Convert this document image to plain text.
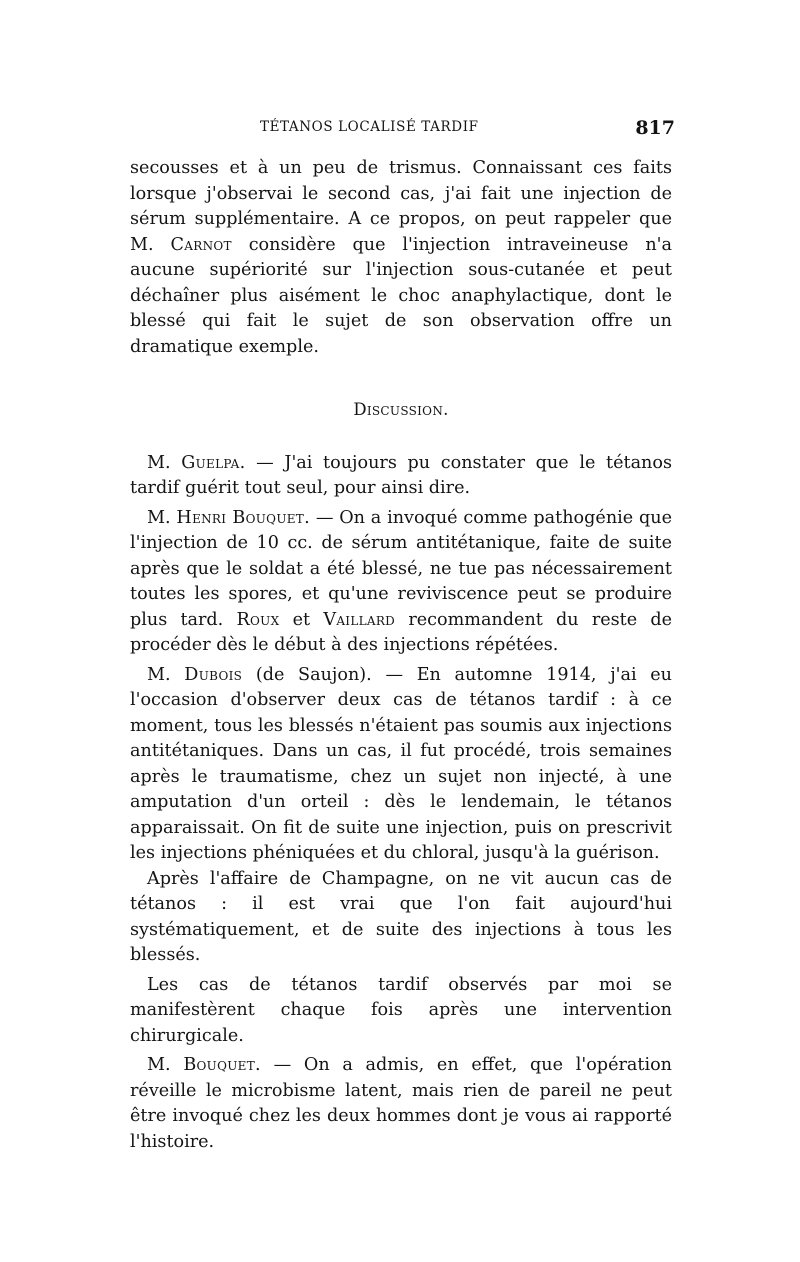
TÉTANOS LOCALISÉ TARDIF	817

secousses et à un peu de trismus. Connaissant ces faits lorsque j'observai le second cas, j'ai fait une injection de sérum supplémentaire. A ce propos, on peut rappeler que M. Carnot considère que l'injection intraveineuse n'a aucune supériorité sur l'injection sous-cutanée et peut déchaîner plus aisément le choc anaphylactique, dont le blessé qui fait le sujet de son observation offre un dramatique exemple.

Discussion.

M. Guelpa. — J'ai toujours pu constater que le tétanos tardif guérit tout seul, pour ainsi dire.

M. Henri Bouquet. — On a invoqué comme pathogénie que l'injection de 10 cc. de sérum antitétanique, faite de suite après que le soldat a été blessé, ne tue pas nécessairement toutes les spores, et qu'une reviviscence peut se produire plus tard. Roux et Vaillard recommandent du reste de procéder dès le début à des injections répétées.

M. Dubois (de Saujon). — En automne 1914, j'ai eu l'occasion d'observer deux cas de tétanos tardif : à ce moment, tous les blessés n'étaient pas soumis aux injections antitétaniques. Dans un cas, il fut procédé, trois semaines après le traumatisme, chez un sujet non injecté, à une amputation d'un orteil : dès le lendemain, le tétanos apparaissait. On fit de suite une injection, puis on prescrivit les injections phéniquées et du chloral, jusqu'à la guérison.

Après l'affaire de Champagne, on ne vit aucun cas de tétanos : il est vrai que l'on fait aujourd'hui systématiquement, et de suite des injections à tous les blessés.

Les cas de tétanos tardif observés par moi se manifestèrent chaque fois après une intervention chirurgicale.

M. Bouquet. — On a admis, en effet, que l'opération réveille le microbisme latent, mais rien de pareil ne peut être invoqué chez les deux hommes dont je vous ai rapporté l'histoire.
